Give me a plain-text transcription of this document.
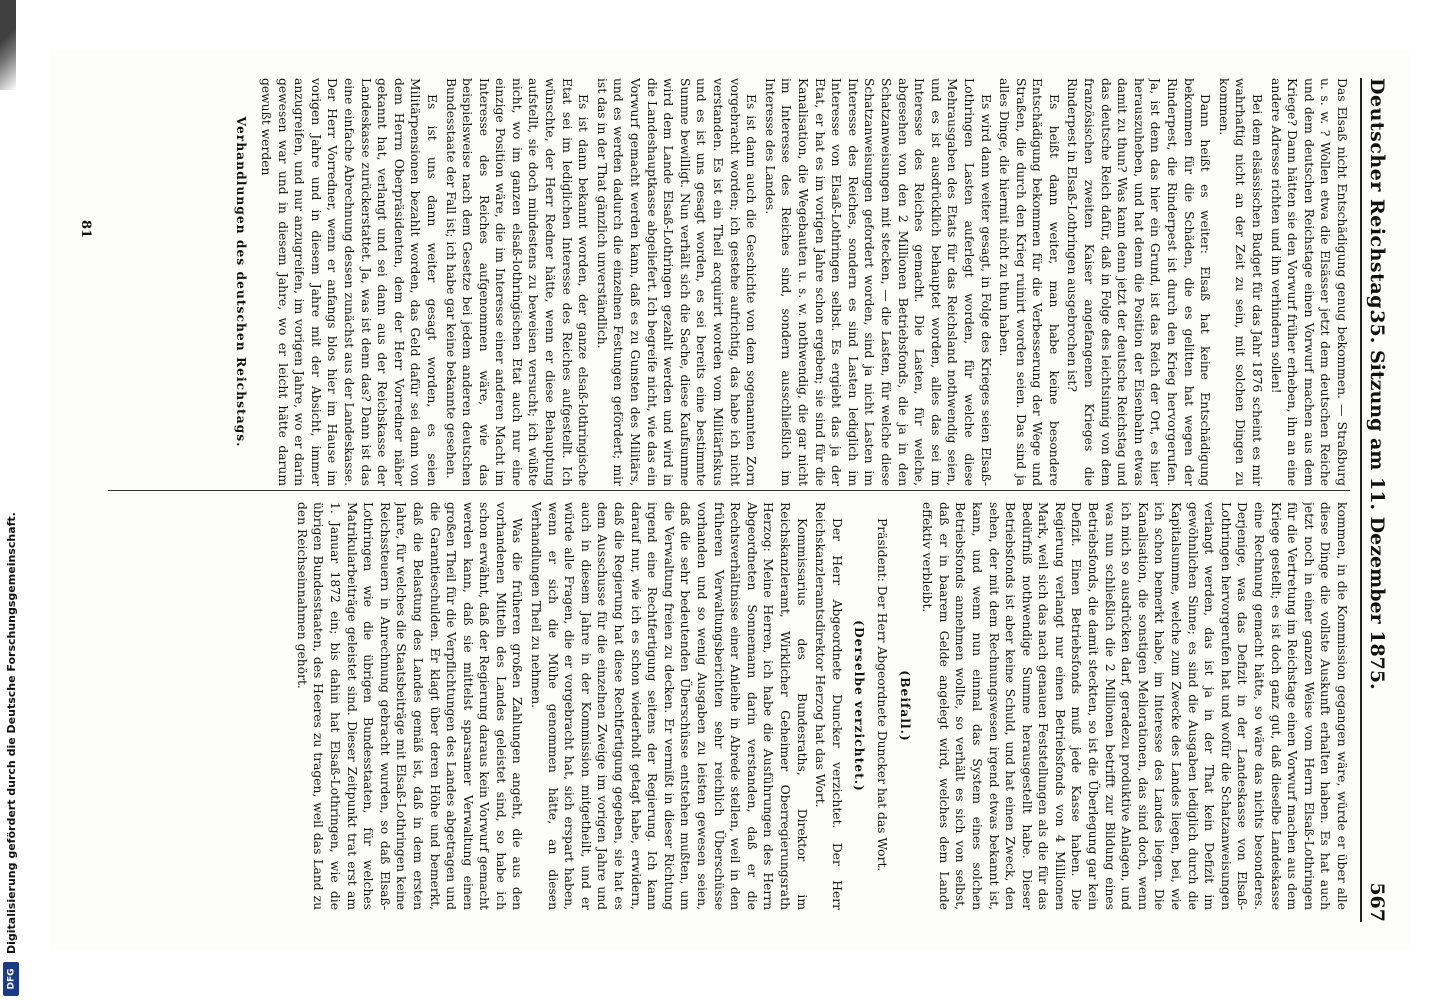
Deutscher Reichstag.
35. Sitzung am 11. Dezember 1875.
567

Das Elsaß nicht Entschädigung genug bekommen. — Straßburg u. s. w. ? Wollen etwa die Elsässer jetzt dem deutschen Reiche und dem deutschen Reichstage einen Vorwurf machen aus dem Kriege? Dann hätten sie den Vorwurf früher erheben, ihn an eine andere Adresse richten und ihn verhindern sollen!

Bei dem elsässischen Budget für das Jahr 1876 scheint es mir wahrhaftig nicht an der Zeit zu sein, mit solchen Dingen zu kommen.

Dann heißt es weiter: Elsaß hat keine Entschädigung bekommen für die Schäden, die es gelitten hat wegen der Rinderpest, die Rinderpest ist durch den Krieg hervorgerufen. Ja, ist denn das hier ein Grund, ist das Reich der Ort, es hier herauszuheben, und hat denn die Position der Eisenbahn etwas damit zu thun? Was kann denn jetzt der deutsche Reichstag und das deutsche Reich dafür, daß in Folge des leichtsinnig von dem französischen zweiten Kaiser angefangenen Krieges die Rinderpest in Elsaß-Lothringen ausgebrochen ist?

Es heißt dann weiter, man habe keine besondere Entschädigung bekommen für die Verbesserung der Wege und Straßen, die durch den Krieg ruinirt worden seien. Das sind ja alles Dinge, die hiermit nicht zu thun haben.

Es wird dann weiter gesagt, in Folge des Krieges seien Elsaß-Lothringen Lasten auferlegt worden, für welche diese Mehrausgaben des Etats für das Reichsland nothwendig seien, und es ist ausdrücklich behauptet worden, alles das sei im Interesse des Reiches gemacht. Die Lasten, für welche, abgesehen von den 2 Millionen Betriebsfonds, die ja in den Schatzanweisungen mit stecken, — die Lasten, für welche diese Schatzanweisungen gefordert worden, sind ja nicht Lasten im Interesse des Reiches, sondern es sind Lasten lediglich im Interesse von Elsaß-Lothringen selbst. Es ergiebt das ja der Etat, er hat es im vorigen Jahre schon ergeben; sie sind für die Kanalisation, die Wegebauten u. s. w. nothwendig, die gar nicht im Interesse des Reiches sind, sondern ausschließlich im Interesse des Landes.

Es ist dann auch die Geschichte von dem sogenannten Zorn vorgebracht worden; ich gestehe aufrichtig, das habe ich nicht verstanden. Es ist ein Theil acquirirt worden vom Militärfiskus und es ist uns gesagt worden, es sei bereits eine bestimmte Summe bewilligt. Nun verhält sich die Sache, diese Kaufsumme wird dem Lande Elsaß-Lothringen gezahlt werden und wird in die Landeshauptkasse abgeliefert. Ich begreife nicht, wie das ein Vorwurf gemacht werden kann, daß es zu Gunsten des Militärs, und es werden dadurch die einzelnen Festungen gefördert; mir ist das in der That gänzlich unverständlich.

Es ist dann bekannt worden, der ganze elsaß-lothringische Etat sei im lediglichen Interesse des Reiches aufgestellt. Ich wünschte, der Herr Redner hätte, wenn er diese Behauptung aufstellt, sie doch mindestens zu beweisen versucht; ich wüßte nicht, wo im ganzen elsaß-lothringischen Etat auch nur eine einzige Position wäre, die im Interesse einer anderen Macht im Interesse des Reiches aufgenommen wäre, wie das beispielsweise nach dem Gesetze bei jedem anderen deutschen Bundesstaate der Fall ist; ich habe gar keine bekannte gesehen.

Es ist uns dann weiter gesagt worden, es seien Militärpensionen bezahlt worden, das Geld dafür sei dann von dem Herrn Oberpräsidenten, dem der Herr Vorredner näher gekannt hat, verlangt und sei dann aus der Reichskasse der Landeskasse zurückerstattet. Ja, was ist denn das? Dann ist das eine einfache Abrechnung dessen zunächst aus der Landeskasse. Der Herr Vorredner, wenn er anfangs blos hier im Hause im vorigen Jahre und in diesem Jahre mit der Absicht, immer anzugreifen, und nur anzugreifen, im vorigen Jahre, wo er darin gewesen war und in diesem Jahre, wo er leicht hätte darum gewußt werden

Verhandlungen des deutschen Reichstags.

kommen, in die Kommission gegangen wäre, würde er über alle diese Dinge die vollste Auskunft erhalten haben. Es hat auch jetzt noch in einer ganzen Weise vom Herrn Elsaß-Lothringen für die Vertretung im Reichstage einen Vorwurf machen aus dem Kriege gestellt; es ist doch ganz gut, daß dieselbe Landeskasse eine Rechnung gemacht hätte, so wäre das nichts besonderes. Derjenige, was das Defizit in der Landeskasse von Elsaß-Lothringen hervorgerufen hat und wofür die Schatzanweisungen verlangt werden, das ist ja in der That kein Defizit im gewöhnlichen Sinne; es sind die Ausgaben lediglich durch die Kapitalsumme, welche zum Zwecke des Landes liegen, bei, wie ich schon bemerkt habe, im Interesse des Landes liegen. Die Kanalisation, die sonstigen Meliorationen, das sind doch, wenn ich mich so ausdrücken darf, geradezu produktive Anlagen, und was nun schließlich die 2 Millionen betrifft zur Bildung eines Betriebsfonds, die damit steckten, so ist die Überlegung gar kein Defizit. Einen Betriebsfonds muß jede Kasse haben. Die Regierung verlangt nur einen Betriebsfonds von 4 Millionen Mark, weil sich das nach genauen Feststellungen als die für das Bedürfniß nothwendige Summe herausgestellt habe. Dieser Betriebsfonds ist aber keine Schuld, und hat einen Zweck, den sehen, der mit dem Rechnungswesen irgend etwas bekannt ist, kann, und wenn nun einmal das System eines solchen Betriebsfonds annehmen wollte, so verhält es sich von selbst, daß er in baarem Gelde angelegt wird, welches dem Lande effektiv verbleibt.

(Beifall.)

Präsident: Der Herr Abgeordnete Duncker hat das Wort.

(Derselbe verzichtet.)

Der Herr Abgeordnete Duncker verzichtet. Der Herr Reichskanzleramtsdirektor Herzog hat das Wort.

Kommissarius des Bundesraths, Direktor im Reichskanzleramt, Wirklicher Geheimer Oberregierungsrath Herzog: Meine Herren, ich habe die Ausführungen des Herrn Abgeordneten Sonnemann darin verstanden, daß er die Rechtsverhältnisse einer Anleihe in Abrede stellen, weil in den früheren Verwaltungsberichten sehr reichlich Überschüsse vorhanden und so wenig Ausgaben zu leisten gewesen seien, daß die sehr bedeutenden Überschüsse entstehen mußten, um die Verwaltung freien zu decken. Er vermißt in dieser Richtung irgend eine Rechtfertigung seitens der Regierung. Ich kann darauf nur, wie ich es schon wiederholt getagt habe, erwidern, daß die Regierung hat diese Rechtfertigung gegeben, sie hat es dem Ausschusse für die einzelnen Zweige im vorigen Jahre und auch in diesem Jahre in der Kommission mitgetheilt, und er würde alle Fragen, die er vorgebracht hat, sich erspart haben, wenn er sich die Mühe genommen hätte, an diesen Verhandlungen Theil zu nehmen.

Was die früheren großen Zahlungen angeht, die aus den vorhandenen Mitteln des Landes geleistet sind, so habe ich schon erwähnt, daß der Regierung daraus kein Vorwurf gemacht werden kann, daß sie mittelst sparsamer Verwaltung einen großen Theil für die Verpflichtungen des Landes abgetragen und die Garantieschulden. Er klagt über deren Höhe und bemerkt, daß die Belastung des Landes gemäß ist, daß in dem ersten Jahre, für welches die Staatsbeiträge mit Elsaß-Lothringen keine Reichssteuern in Anrechnung gebracht wurden, so daß Elsaß-Lothringen wie die übrigen Bundesstaaten, für welches Matrikularbeiträge geleistet sind. Dieser Zeitpunkt trat erst am 1. Januar 1872 ein; bis dahin hat Elsaß-Lothringen, wie die übrigen Bundesstaaten, des Heeres zu tragen, weil das Land zu den Reichseinnahmen gehört.

81
Digitalisierung gefördert durch die Deutsche Forschungsgemeinschaft.
DFG
